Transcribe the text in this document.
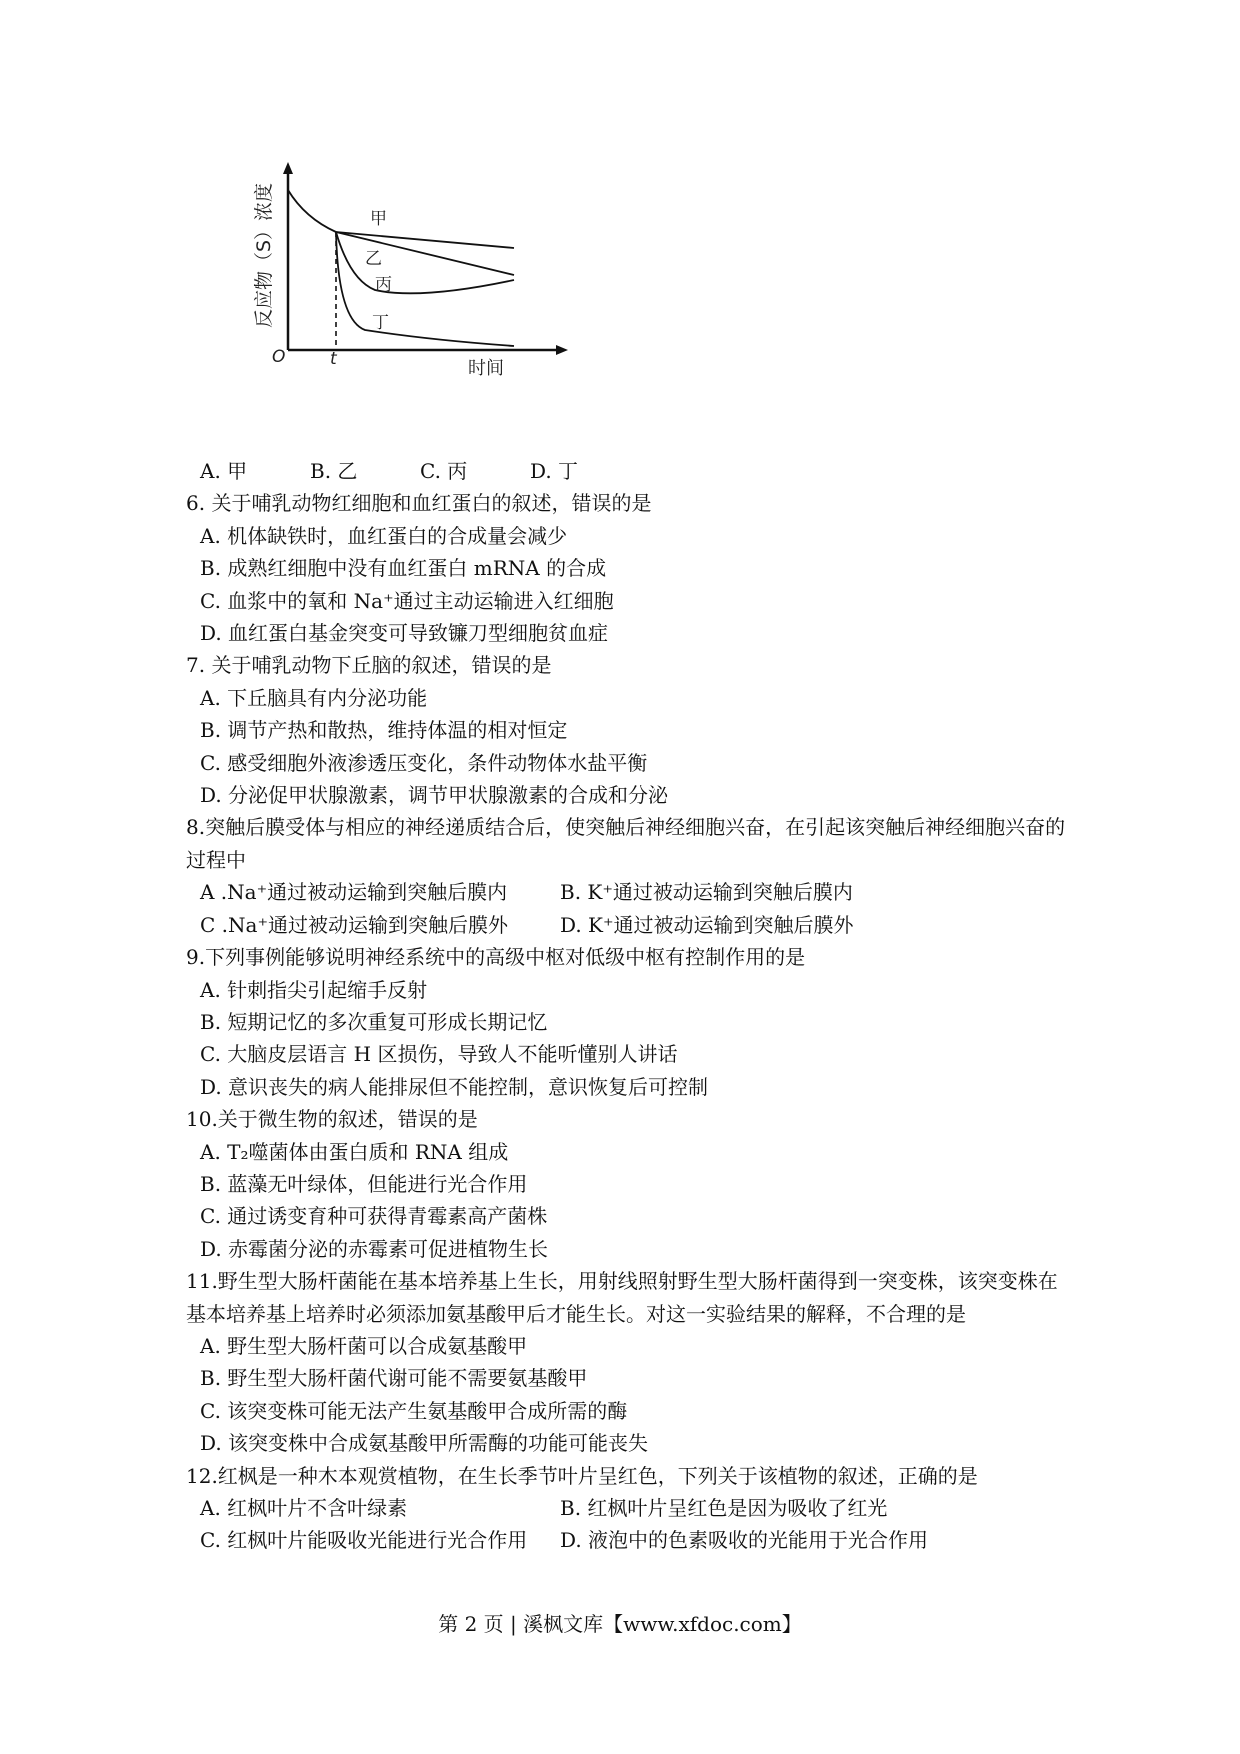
反应物（S）浓度
O	t	时间
甲
乙
丙
丁
A. 甲	B. 乙	C. 丙	D. 丁

6. 关于哺乳动物红细胞和血红蛋白的叙述，错误的是

A. 机体缺铁时，血红蛋白的合成量会减少

B. 成熟红细胞中没有血红蛋白 mRNA 的合成

C. 血浆中的氧和 Na⁺通过主动运输进入红细胞

D. 血红蛋白基金突变可导致镰刀型细胞贫血症

7. 关于哺乳动物下丘脑的叙述，错误的是

A. 下丘脑具有内分泌功能

B. 调节产热和散热，维持体温的相对恒定

C. 感受细胞外液渗透压变化，条件动物体水盐平衡

D. 分泌促甲状腺激素，调节甲状腺激素的合成和分泌

8.突触后膜受体与相应的神经递质结合后，使突触后神经细胞兴奋，在引起该突触后神经细胞兴奋的过程中

A .Na⁺通过被动运输到突触后膜内	B. K⁺通过被动运输到突触后膜内
C .Na⁺通过被动运输到突触后膜外	D. K⁺通过被动运输到突触后膜外

9.下列事例能够说明神经系统中的高级中枢对低级中枢有控制作用的是

A. 针刺指尖引起缩手反射

B. 短期记忆的多次重复可形成长期记忆

C. 大脑皮层语言 H 区损伤，导致人不能听懂别人讲话

D. 意识丧失的病人能排尿但不能控制，意识恢复后可控制

10.关于微生物的叙述，错误的是

A. T₂噬菌体由蛋白质和 RNA 组成

B. 蓝藻无叶绿体，但能进行光合作用

C. 通过诱变育种可获得青霉素高产菌株

D. 赤霉菌分泌的赤霉素可促进植物生长

11.野生型大肠杆菌能在基本培养基上生长，用射线照射野生型大肠杆菌得到一突变株，该突变株在基本培养基上培养时必须添加氨基酸甲后才能生长。对这一实验结果的解释，不合理的是

A. 野生型大肠杆菌可以合成氨基酸甲

B. 野生型大肠杆菌代谢可能不需要氨基酸甲

C. 该突变株可能无法产生氨基酸甲合成所需的酶

D. 该突变株中合成氨基酸甲所需酶的功能可能丧失

12.红枫是一种木本观赏植物，在生长季节叶片呈红色，下列关于该植物的叙述，正确的是

A. 红枫叶片不含叶绿素	B. 红枫叶片呈红色是因为吸收了红光
C. 红枫叶片能吸收光能进行光合作用	D. 液泡中的色素吸收的光能用于光合作用
第 2 页 | 溪枫文库【www.xfdoc.com】
